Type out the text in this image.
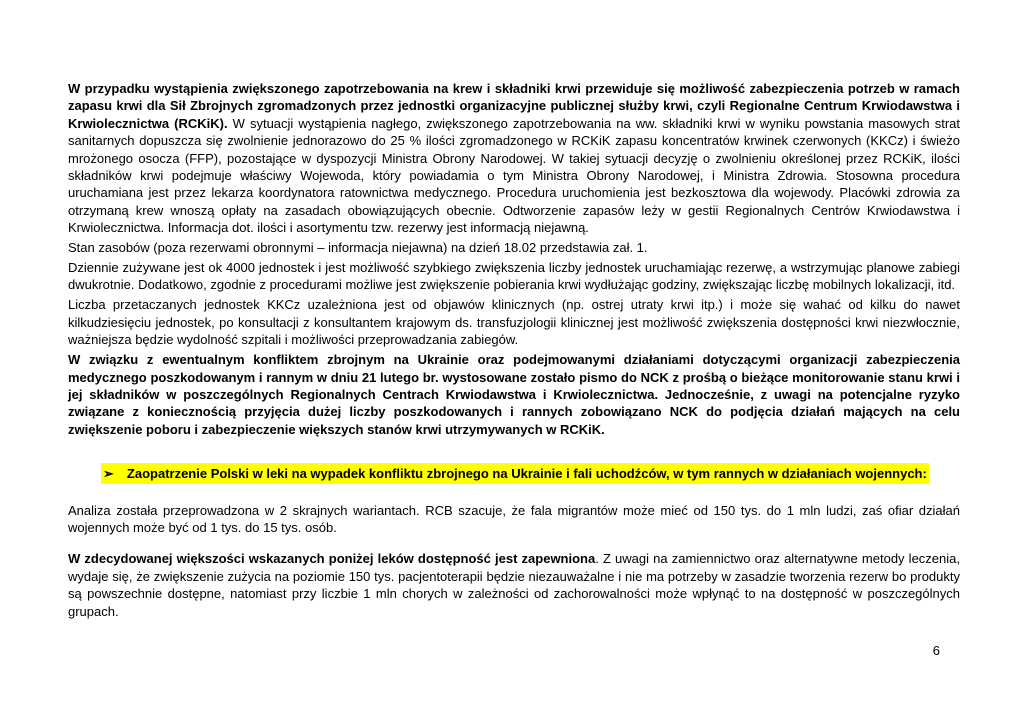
W przypadku wystąpienia zwiększonego zapotrzebowania na krew i składniki krwi przewiduje się możliwość zabezpieczenia potrzeb w ramach zapasu krwi dla Sił Zbrojnych zgromadzonych przez jednostki organizacyjne publicznej służby krwi, czyli Regionalne Centrum Krwiodawstwa i Krwiolecznictwa (RCKiK). W sytuacji wystąpienia nagłego, zwiększonego zapotrzebowania na ww. składniki krwi w wyniku powstania masowych strat sanitarnych dopuszcza się zwolnienie jednorazowo do 25 % ilości zgromadzonego w RCKiK zapasu koncentratów krwinek czerwonych (KKCz) i świeżo mrożonego osocza (FFP), pozostające w dyspozycji Ministra Obrony Narodowej. W takiej sytuacji decyzję o zwolnieniu określonej przez RCKiK, ilości składników krwi podejmuje właściwy Wojewoda, który powiadamia o tym Ministra Obrony Narodowej, i Ministra Zdrowia. Stosowna procedura uruchamiana jest przez lekarza koordynatora ratownictwa medycznego. Procedura uruchomienia jest bezkosztowa dla wojewody. Placówki zdrowia za otrzymaną krew wnoszą opłaty na zasadach obowiązujących obecnie. Odtworzenie zapasów leży w gestii Regionalnych Centrów Krwiodawstwa i Krwiolecznictwa. Informacja dot. ilości i asortymentu tzw. rezerwy jest informacją niejawną.

Stan zasobów (poza rezerwami obronnymi – informacja niejawna) na dzień 18.02 przedstawia zał. 1.

Dziennie zużywane jest ok 4000 jednostek i jest możliwość szybkiego zwiększenia liczby jednostek uruchamiając rezerwę, a wstrzymując planowe zabiegi dwukrotnie. Dodatkowo, zgodnie z procedurami możliwe jest zwiększenie pobierania krwi wydłużając godziny, zwiększając liczbę mobilnych lokalizacji, itd.

Liczba przetaczanych jednostek KKCz uzależniona jest od objawów klinicznych (np. ostrej utraty krwi itp.) i może się wahać od kilku do nawet kilkudziesięciu jednostek, po konsultacji z konsultantem krajowym ds. transfuzjologii klinicznej jest możliwość zwiększenia dostępności krwi niezwłocznie, ważniejsza będzie wydolność szpitali i możliwości przeprowadzania zabiegów.

W związku z ewentualnym konfliktem zbrojnym na Ukrainie oraz podejmowanymi działaniami dotyczącymi organizacji zabezpieczenia medycznego poszkodowanym i rannym w dniu 21 lutego br. wystosowane zostało pismo do NCK z prośbą o bieżące monitorowanie stanu krwi i jej składników w poszczególnych Regionalnych Centrach Krwiodawstwa i Krwiolecznictwa. Jednocześnie, z uwagi na potencjalne ryzyko związane z koniecznością przyjęcia dużej liczby poszkodowanych i rannych zobowiązano NCK do podjęcia działań mających na celu zwiększenie poboru i zabezpieczenie większych stanów krwi utrzymywanych w RCKiK.

➢ Zaopatrzenie Polski w leki na wypadek konfliktu zbrojnego na Ukrainie i fali uchodźców, w tym rannych w działaniach wojennych:

Analiza została przeprowadzona w 2 skrajnych wariantach. RCB szacuje, że fala migrantów może mieć od 150 tys. do 1 mln ludzi, zaś ofiar działań wojennych może być od 1 tys. do 15 tys. osób.

W zdecydowanej większości wskazanych poniżej leków dostępność jest zapewniona. Z uwagi na zamiennictwo oraz alternatywne metody leczenia, wydaje się, że zwiększenie zużycia na poziomie 150 tys. pacjentoterapii będzie niezauważalne i nie ma potrzeby w zasadzie tworzenia rezerw bo produkty są powszechnie dostępne, natomiast przy liczbie 1 mln chorych w zależności od zachorowalności może wpłynąć to na dostępność w poszczególnych grupach.

6
